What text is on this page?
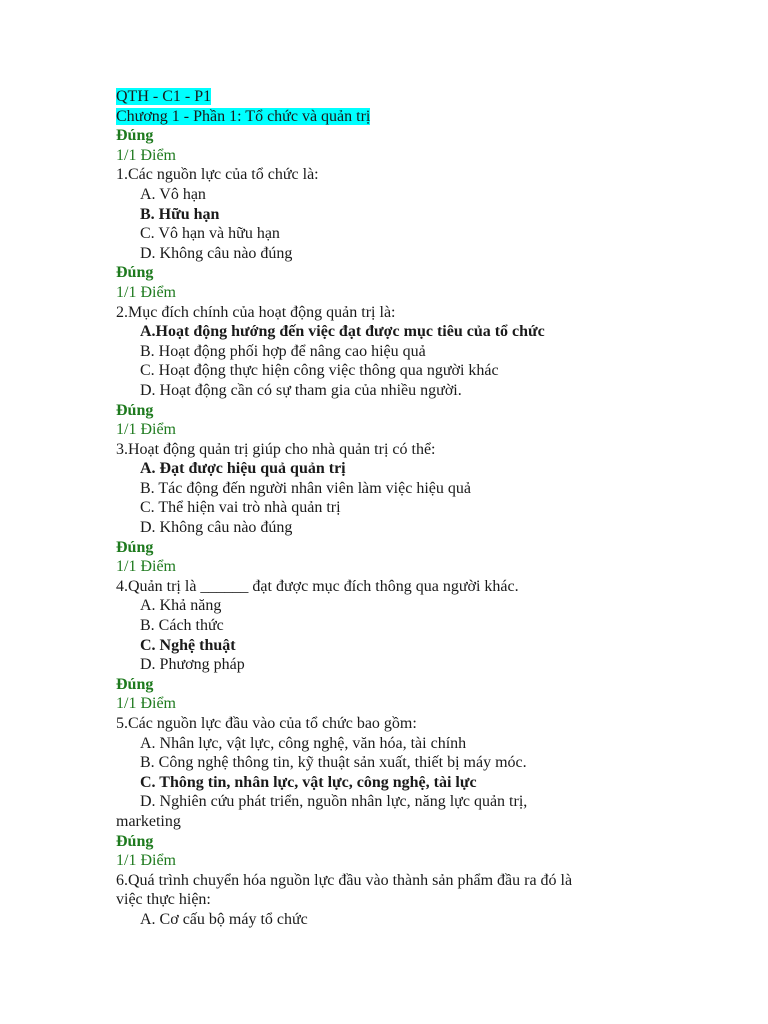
QTH - C1 - P1
Chương 1 - Phần 1: Tổ chức và quản trị
Đúng
1/1 Điểm
1.Các nguồn lực của tổ chức là:
A. Vô hạn
B. Hữu hạn
C. Vô hạn và hữu hạn
D. Không câu nào đúng
Đúng
1/1 Điểm
2.Mục đích chính của hoạt động quản trị là:
A.Hoạt động hướng đến việc đạt được mục tiêu của tổ chức
B. Hoạt động phối hợp để nâng cao hiệu quả
C. Hoạt động thực hiện công việc thông qua người khác
D. Hoạt động cần có sự tham gia của nhiều người.
Đúng
1/1 Điểm
3.Hoạt động quản trị giúp cho nhà quản trị có thể:
A. Đạt được hiệu quả quản trị
B. Tác động đến người nhân viên làm việc hiệu quả
C. Thể hiện vai trò nhà quản trị
D. Không câu nào đúng
Đúng
1/1 Điểm
4.Quản trị là ______ đạt được mục đích thông qua người khác.
A. Khả năng
B. Cách thức
C. Nghệ thuật
D. Phương pháp
Đúng
1/1 Điểm
5.Các nguồn lực đầu vào của tổ chức bao gồm:
A. Nhân lực, vật lực, công nghệ, văn hóa, tài chính
B. Công nghệ thông tin, kỹ thuật sản xuất, thiết bị máy móc.
C. Thông tin, nhân lực, vật lực, công nghệ, tài lực
D. Nghiên cứu phát triển, nguồn nhân lực, năng lực quản trị,
marketing
Đúng
1/1 Điểm
6.Quá trình chuyển hóa nguồn lực đầu vào thành sản phẩm đầu ra đó là
việc thực hiện:
A. Cơ cấu bộ máy tổ chức
